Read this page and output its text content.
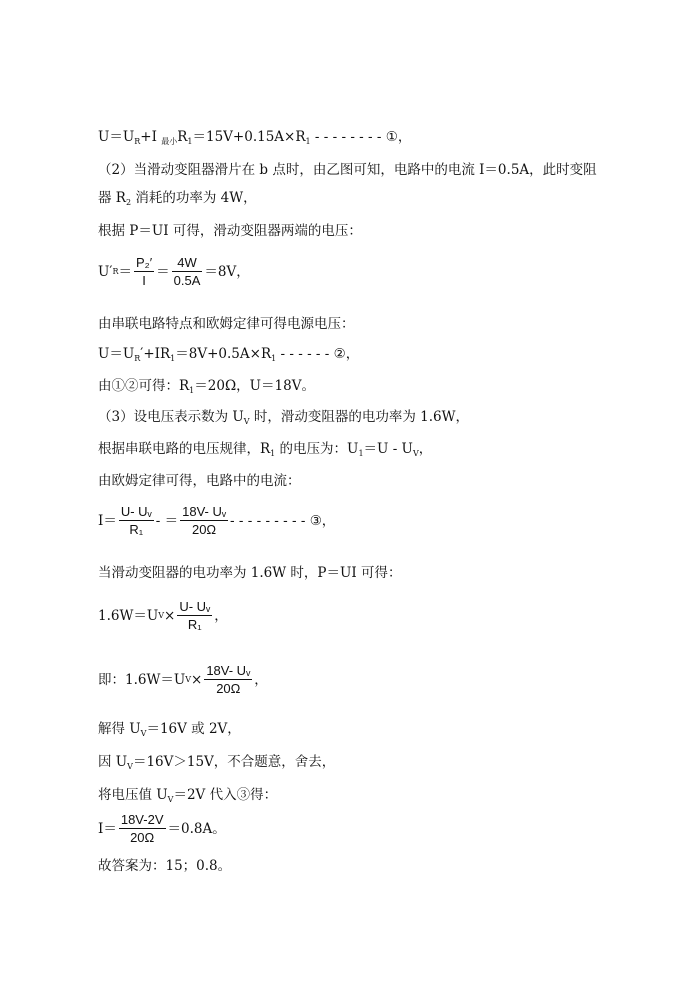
$U=U_R+I$ $_{最小}R_1=15V+0.15A\times R_1$ - - - - - - - - ①，
（2）当滑动变阻器滑片在 b 点时，由乙图可知，电路中的电流 I＝0.5A，此时变阻
器 $R_2$ 消耗的功率为 4W，
根据 P＝UI 可得，滑动变阻器两端的电压：
U′ $R = \frac{\text{P₂′}}{I} = \frac{4W}{0.5A} =8V$，
由串联电路特点和欧姆定律可得电源电压：
$U=U_R'+IR_1=8V+0.5A\times R_1$ - - - - - - ②，
由①②可得：$R_1=20\Omega$，U＝18V。
（3）设电压表示数为 $U_V$ 时，滑动变阻器的电功率为 1.6W，
根据串联电路的电压规律，$R_1$ 的电压为：$U_1=U - U_V$，
由欧姆定律可得，电路中的电流：
$I= \frac{\text{U- Uᵥ}}{\text{R₁}}$ - ＝ $\frac{\text{18V- Uᵥ}}{20\Omega}$ - - - - - - - - - ③，
当滑动变阻器的电功率为 1.6W 时，P＝UI 可得：
1.6W＝U $V \times \frac{\text{U- Uᵥ}}{\text{R₁}}$ ，
即：1.6W＝U $V \times \frac{\text{18V- Uᵥ}}{20\Omega}$ ，
解得 $U_V=16V$ 或 2V，
因 $U_V=16V>15V$，不合题意，舍去，
将电压值 $U_V=2V$ 代入③得：
$I= \frac{18V-2V}{20\Omega} =0.8A$。
故答案为：15；0.8。
